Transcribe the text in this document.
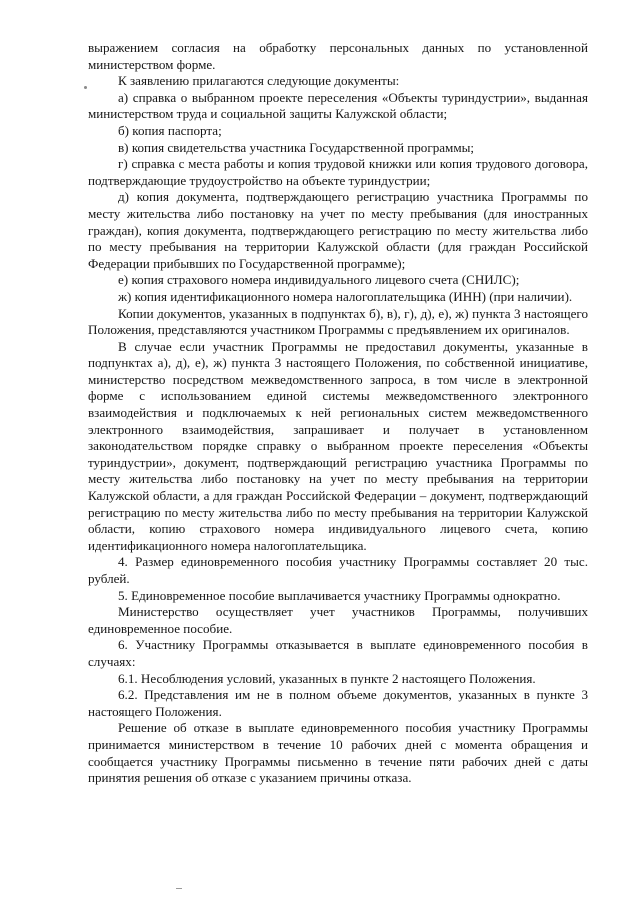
выражением согласия на обработку персональных данных по установленной министерством форме.

К заявлению прилагаются следующие документы:

а) справка о выбранном проекте переселения «Объекты туриндустрии», выданная министерством труда и социальной защиты Калужской области;

б) копия паспорта;

в) копия свидетельства участника Государственной программы;

г) справка с места работы и копия трудовой книжки или копия трудового договора, подтверждающие трудоустройство на объекте туриндустрии;

д) копия документа, подтверждающего регистрацию участника Программы по месту жительства либо постановку на учет по месту пребывания (для иностранных граждан), копия документа, подтверждающего регистрацию по месту жительства либо по месту пребывания на территории Калужской области (для граждан Российской Федерации прибывших по Государственной программе);

е) копия страхового номера индивидуального лицевого счета (СНИЛС);

ж) копия идентификационного номера налогоплательщика (ИНН) (при наличии).

Копии документов, указанных в подпунктах б), в), г), д), е), ж) пункта 3 настоящего Положения, представляются участником Программы с предъявлением их оригиналов.

В случае если участник Программы не предоставил документы, указанные в подпунктах а), д), е), ж) пункта 3 настоящего Положения, по собственной инициативе, министерство посредством межведомственного запроса, в том числе в электронной форме с использованием единой системы межведомственного электронного взаимодействия и подключаемых к ней региональных систем межведомственного электронного взаимодействия, запрашивает и получает в установленном законодательством порядке справку о выбранном проекте переселения «Объекты туриндустрии», документ, подтверждающий регистрацию участника Программы по месту жительства либо постановку на учет по месту пребывания на территории Калужской области, а для граждан Российской Федерации – документ, подтверждающий регистрацию по месту жительства либо по месту пребывания на территории Калужской области, копию страхового номера индивидуального лицевого счета, копию идентификационного номера налогоплательщика.

4. Размер единовременного пособия участнику Программы составляет 20 тыс. рублей.

5. Единовременное пособие выплачивается участнику Программы однократно.

Министерство осуществляет учет участников Программы, получивших единовременное пособие.

6. Участнику Программы отказывается в выплате единовременного пособия в случаях:

6.1. Несоблюдения условий, указанных в пункте 2 настоящего Положения.

6.2. Представления им не в полном объеме документов, указанных в пункте 3 настоящего Положения.

Решение об отказе в выплате единовременного пособия участнику Программы принимается министерством в течение 10 рабочих дней с момента обращения и сообщается участнику Программы письменно в течение пяти рабочих дней с даты принятия решения об отказе с указанием причины отказа.
